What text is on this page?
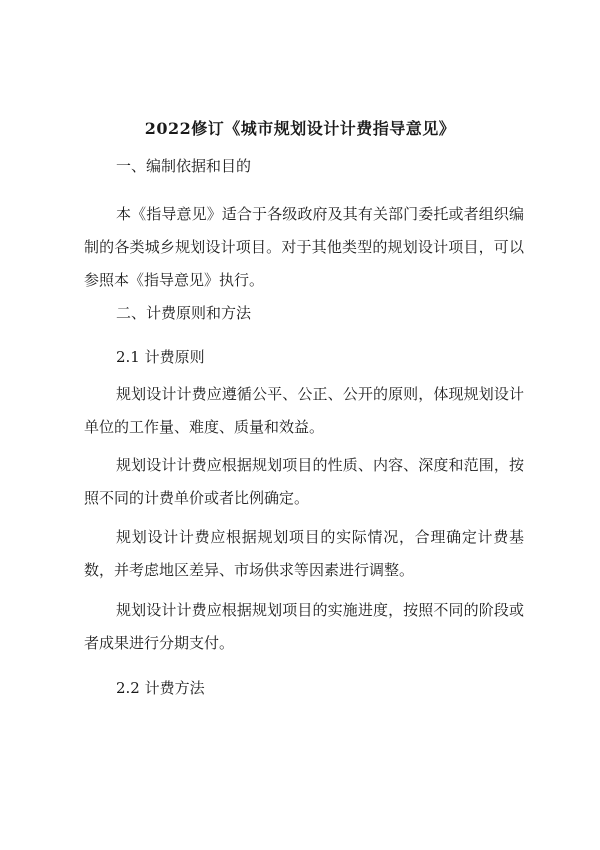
2022修订《城市规划设计计费指导意见》

一、编制依据和目的

本《指导意见》适合于各级政府及其有关部门委托或者组织编制的各类城乡规划设计项目。对于其他类型的规划设计项目，可以参照本《指导意见》执行。

二、计费原则和方法

2.1 计费原则

规划设计计费应遵循公平、公正、公开的原则，体现规划设计单位的工作量、难度、质量和效益。

规划设计计费应根据规划项目的性质、内容、深度和范围，按照不同的计费单价或者比例确定。

规划设计计费应根据规划项目的实际情况，合理确定计费基数，并考虑地区差异、市场供求等因素进行调整。

规划设计计费应根据规划项目的实施进度，按照不同的阶段或者成果进行分期支付。

2.2 计费方法
